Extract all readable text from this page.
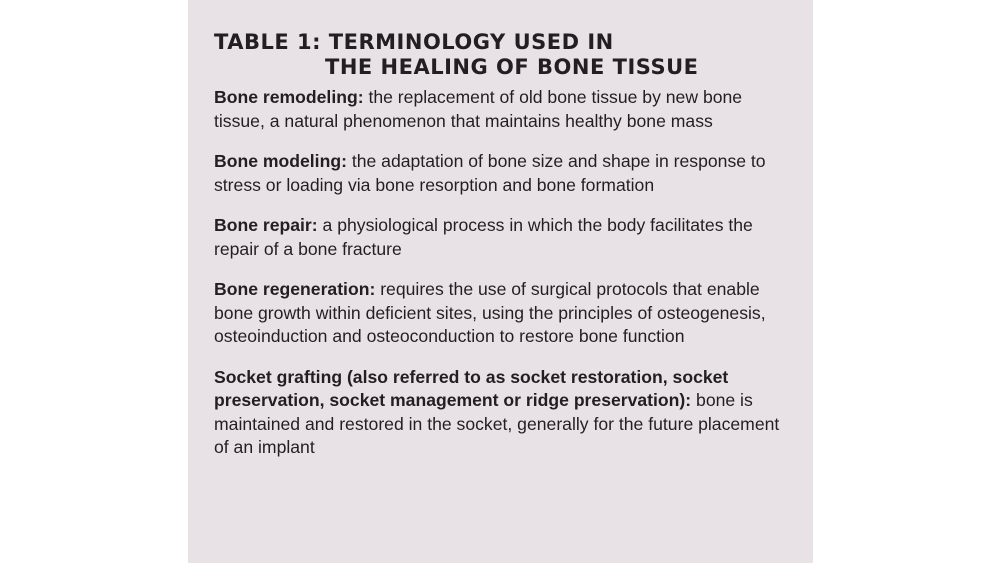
TABLE 1: TERMINOLOGY USED IN
THE HEALING OF BONE TISSUE

Bone remodeling: the replacement of old bone tissue by new bone tissue, a natural phenomenon that maintains healthy bone mass

Bone modeling: the adaptation of bone size and shape in response to stress or loading via bone resorption and bone formation

Bone repair: a physiological process in which the body facilitates the repair of a bone fracture

Bone regeneration: requires the use of surgical protocols that enable bone growth within deficient sites, using the principles of osteogenesis, osteoinduction and osteoconduction to restore bone function

Socket grafting (also referred to as socket restoration, socket preservation, socket management or ridge preservation): bone is maintained and restored in the socket, generally for the future placement of an implant
